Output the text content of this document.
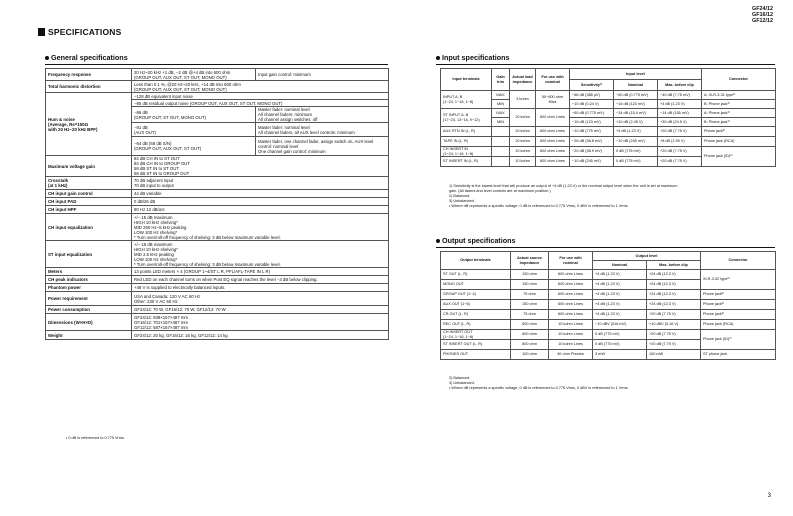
GF24/12
GF16/12
GF12/12
SPECIFICATIONS
General specifications
Frequency response	20 Hz~20 kHz +1 dB, −2 dB @+4 dB into 600 ohm
(GROUP OUT, AUX OUT, ST OUT, MONO OUT)	Input gain control: minimum
Total harmonic distortion	Less than 0.1 %, @20 Hz~20 kHz, +14 dB into 600 ohm
(GROUP OUT, AUX OUT, ST OUT, MONO OUT)	
Hum & noise
(Average, Rs=150Ω
with 20 Hz~20 kHz BPF)	−128 dB equivalent input noise	
	−95 dB residual output noise (GROUP OUT, AUX OUT, ST OUT, MONO OUT)	
	−86 dB
(GROUP OUT, ST OUT, MONO OUT)	Master fader: nominal level
All channel faders: minimum
All channel assign switches: off
	−81 dB
(AUX OUT)	Master fader: nominal level
All channel faders, all AUX level controls: minimum
	−64 dB (68 dB S/N)
(GROUP OUT, AUX OUT, ST OUT)	Master fader, one channel fader, assign switch on, AUX level control: nominal level
One channel gain control: minimum
Maximum voltage gain	84 dB CH IN to ST OUT
84 dB CH IN to GROUP OUT
58 dB ST IN to ST OUT
58 dB ST IN to GROUP OUT	
Crosstalk
(at 1 kHz)	70 dB adjacent input
70 dB input to output	
CH input gain control	44 dB variable	
CH input PAD	0 dB/26 dB	
CH input HPF	80 Hz 12 dB/oct	
CH input equalization	+/− 15 dB maximum
HIGH 10 kHz shelving*
MID 250 Hz~5 kHz peaking
LOW 100 Hz shelving*
* Turn over/roll-off frequency of shelving: 3 dB below maximum variable level.	
ST input equalization	+/− 15 dB maximum
HIGH 10 kHz shelving*
MID 2.5 kHz peaking
LOW 100 Hz shelving*
* Turn over/roll-off frequency of shelving: 3 dB below maximum variable level.	
Meters	13 points LED meters × 4 (GROUP 1~4/ST L R, PFL/AFL-TAPE IN L R)	
CH peak indicators	Red LED on each channel turns on when Post EQ signal reaches the level −3 dB below clipping.	
Phantom power	+48 V is supplied to electrically balanced inputs.	
Power requirement	USA and Canada: 120 V AC 60 Hz
Other: 230 V AC 50 Hz	
Power consumption	GF24/12: 70 W, GF16/12: 70 W, GF12/12: 70 W	
Dimensions (W×H×D)	GF24/12: 938×157×487 mm
GF16/12: 701×157×487 mm
GF12/12: 587×157×487 mm	
Weight	GF24/12: 20 kg, GF16/12: 16 kg, GF12/12: 14 kg	
• 0 dB is referenced to 0.775 Vrms.
Input specifications
Input terminals	Gain
trim	Actual load
impedance	For use with
nominal	Input level			Connector
				Sensitivity¹⁾	Nominal	Max. before clip	
INPUT A, B
(1~24, 1~16, 1~8)	MAX	3 kohm	50~600 ohm Mics	−66 dB (388 μV)	−60 dB (0.775 mV)	−40 dB (7.75 mV)	A: XLR-3-31 type²⁾
	MIN			−10 dB (0.24 V)	−16 dB (123 mV)	+4 dB (1.23 V)	B: Phone jack³⁾
ST INPUT A, B
(17~24, 13~16, 9~12)	MAX	10 kohm	600 ohm Lines	−60 dB (0.775 mV)	−34 dB (15.4 mV)	−14 dB (155 mV)	A: Phone jack³⁾
	MIN			−16 dB (123 mV)	+10 dB (2.45 V)	+30 dB (24.5 V)	B: Phone jack³⁾
AUX RTN IN (L, R)		10 kohm	600 ohm Lines	−10 dB (775 mV)	+4 dB (1.23 V)	+20 dB (7.75 V)	Phone jack³⁾
TAPE IN (L, R)		10 kohm	600 ohm Lines	−26 dB (38.8 mV)	−10 dB (245 mV)	+8 dB (1.95 V)	Phone jack (RCA)
CH INSERT IN
(1~24, 1~16, 1~8)		10 kohm	600 ohm Lines	−20 dB (38.9 mV)	0 dB (775 mV)	+20 dB (7.75 V)	Phone jack (ID)³⁾
ST INSERT IN (L, R)		10 kohm	600 ohm Lines	−10 dB (245 mV)	0 dB (775 mV)	+20 dB (7.75 V)	
1) Sensitivity is the lowest level that will produce an output of +4 dB (1.23 V) or the nominal output level when the unit is set at maximum
gain. (All faders and level controls are at maximum position.)
2) Balanced.
3) Unbalanced.
• Where dB represents a specific voltage, 0 dB is referenced to 0.775 Vrms, 0 dBV is referenced to 1 Vrms.
Output specifications
Output terminals	Actual source
impedance	For use with
nominal	Output level		Connector
			Nominal	Max. before clip	
ST OUT (L, R)	150 ohm	600 ohm Lines	+4 dB (1.23 V)	+24 dB (12.3 V)	XLR-3-32 type²⁾
MONO OUT	150 ohm	600 ohm Lines	+4 dB (1.23 V)	+24 dB (12.3 V)	
GROUP OUT (1~4)	75 ohm	600 ohm Lines	+4 dB (1.23 V)	+24 dB (12.3 V)	Phone jack²⁾
AUX OUT (1~6)	150 ohm	600 ohm Lines	+4 dB (1.23 V)	+24 dB (12.3 V)	Phone jack²⁾
CR OUT (L, R)	75 ohm	600 ohm Lines	+4 dB (1.23 V)	+20 dB (7.75 V)	Phone jack³⁾
REC OUT (L, R)	600 ohm	10 kohm Lines	−10 dBV (316 mV)	+10 dBV (3.16 V)	Phone jack (RCA)
CH INSERT OUT
(1~24, 1~16, 1~8)	600 ohm	10 kohm Lines	0 dB (775 mV)	+20 dB (7.75 V)	Phone jack (ID)³⁾
ST INSERT OUT (L, R)	600 ohm	10 kohm Lines	0 dB (775 mV)	+20 dB (7.75 V)	
PHONES OUT	100 ohm	40 ohm Phones	3 mW	100 mW	ST phone jack
2) Balanced.
3) Unbalanced.
• Where dB represents a specific voltage, 0 dB is referenced to 0.775 Vrms, 0 dBV is referenced to 1 Vrms.
3
